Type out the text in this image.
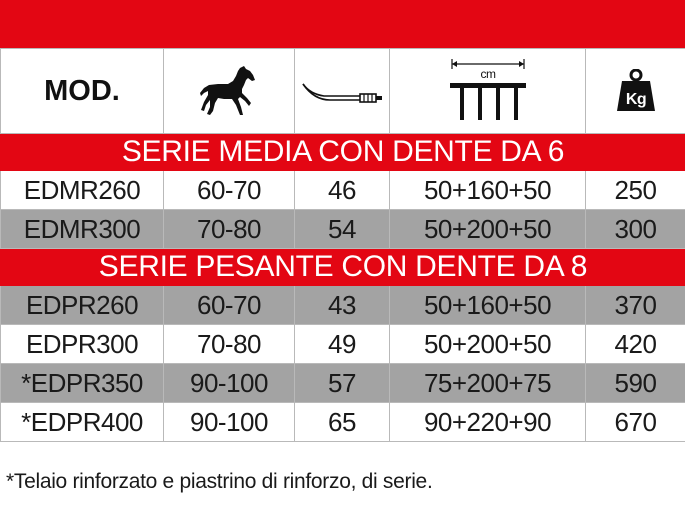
MOD.			cm	Kg

SERIE MEDIA CON DENTE DA 6				
EDMR260	60-70	46	50+160+50	250
EDMR300	70-80	54	50+200+50	300
SERIE PESANTE CON DENTE DA 8				
EDPR260	60-70	43	50+160+50	370
EDPR300	70-80	49	50+200+50	420
*EDPR350	90-100	57	75+200+75	590
*EDPR400	90-100	65	90+220+90	670
*Telaio rinforzato e piastrino di rinforzo, di serie.
